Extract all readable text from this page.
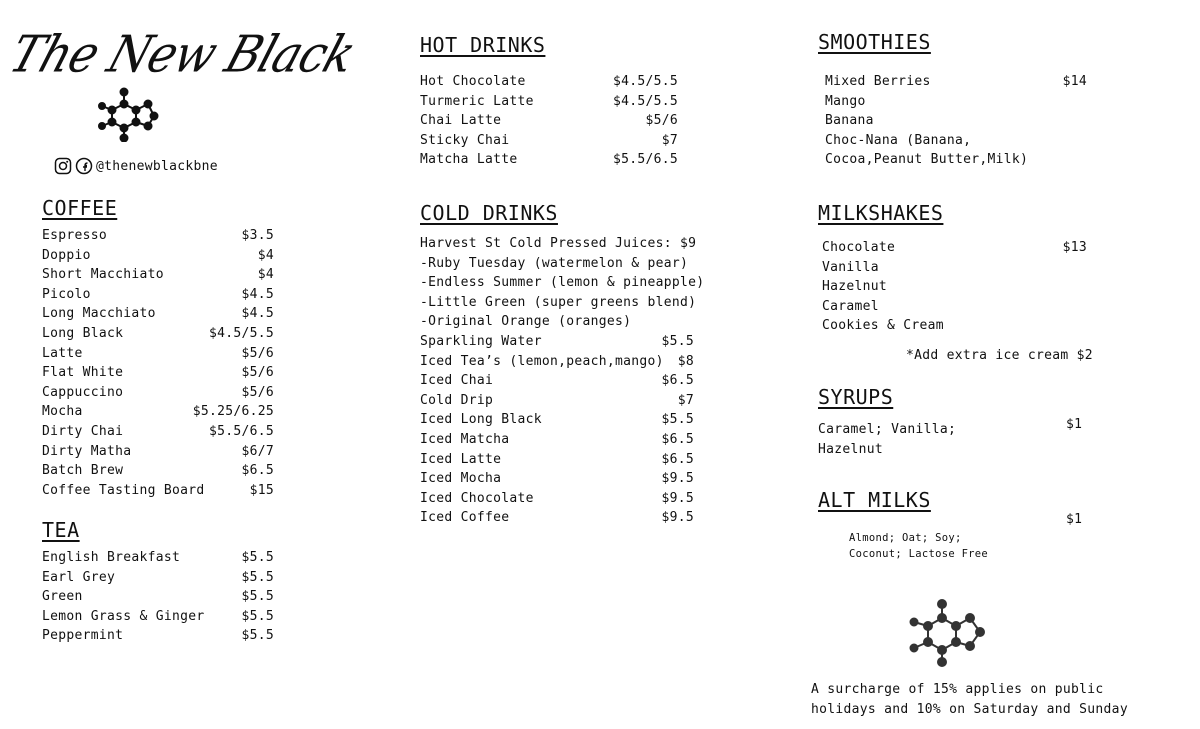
The New Black
@thenewblackbne
COFFEE
Espresso	$3.5
Doppio	$4
Short Macchiato	$4
Picolo	$4.5
Long Macchiato	$4.5
Long Black	$4.5/5.5
Latte	$5/6
Flat White	$5/6
Cappuccino	$5/6
Mocha	$5.25/6.25
Dirty Chai	$5.5/6.5
Dirty Matha	$6/7
Batch Brew	$6.5
Coffee Tasting Board	$15
TEA
English Breakfast	$5.5
Earl Grey	$5.5
Green	$5.5
Lemon Grass & Ginger	$5.5
Peppermint	$5.5
HOT DRINKS
Hot Chocolate	$4.5/5.5
Turmeric Latte	$4.5/5.5
Chai Latte	$5/6
Sticky Chai	$7
Matcha Latte	$5.5/6.5
COLD DRINKS
Harvest St Cold Pressed Juices: $9
-Ruby Tuesday (watermelon & pear)
-Endless Summer (lemon & pineapple)
-Little Green (super greens blend)
-Original Orange (oranges)
Sparkling Water	$5.5
Iced Tea’s (lemon,peach,mango) $8
Iced Chai	$6.5
Cold Drip	$7
Iced Long Black	$5.5
Iced Matcha	$6.5
Iced Latte	$6.5
Iced Mocha	$9.5
Iced Chocolate	$9.5
Iced Coffee	$9.5
SMOOTHIES
Mixed Berries	$14
Mango
Banana
Choc-Nana (Banana,
Cocoa,Peanut Butter,Milk)
MILKSHAKES
Chocolate	$13
Vanilla
Hazelnut
Caramel
Cookies & Cream
*Add extra ice cream $2
SYRUPS
Caramel; Vanilla;
Hazelnut
$1
ALT MILKS
$1
Almond; Oat; Soy;
Coconut; Lactose Free
A surcharge of 15% applies on public
holidays and 10% on Saturday and Sunday
